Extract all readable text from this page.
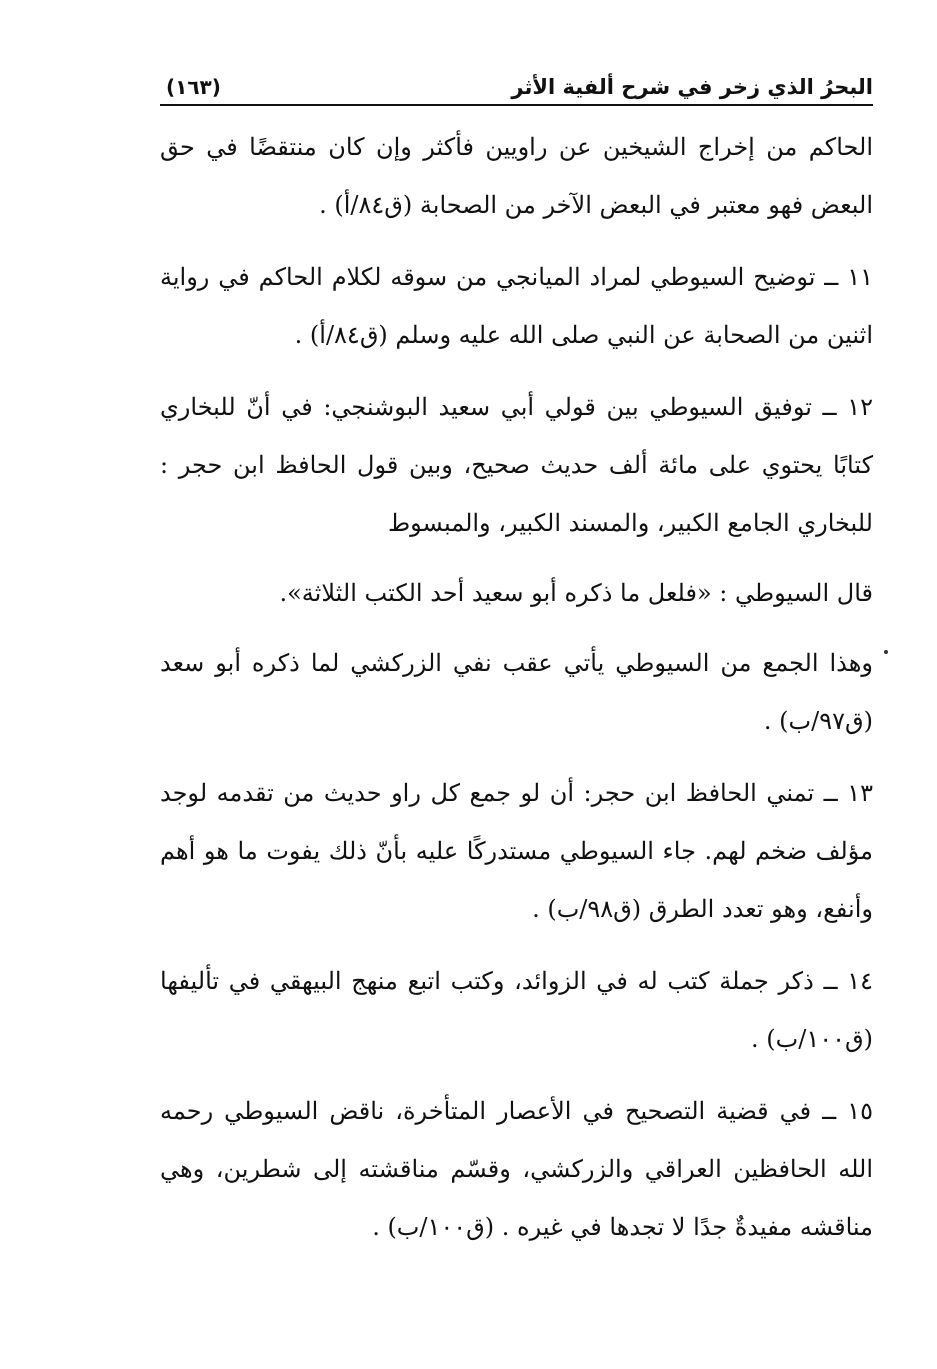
البحرُ الذي زخر في شرح ألفية الأثر
(١٦٣)

الحاكم من إخراج الشيخين عن راويين فأكثر وإن كان منتقضًا في حق البعض فهو معتبر في البعض الآخر من الصحابة (ق٨٤/أ) .

١١ ــ توضيح السيوطي لمراد الميانجي من سوقه لكلام الحاكم في رواية اثنين من الصحابة عن النبي صلى الله عليه وسلم (ق٨٤/أ) .

١٢ ــ توفيق السيوطي بين قولي أبي سعيد البوشنجي: في أنّ للبخاري كتابًا يحتوي على مائة ألف حديث صحيح، وبين قول الحافظ ابن حجر : للبخاري الجامع الكبير، والمسند الكبير، والمبسوط

قال السيوطي : «فلعل ما ذكره أبو سعيد أحد الكتب الثلاثة».

وهذا الجمع من السيوطي يأتي عقب نفي الزركشي لما ذكره أبو سعد (ق٩٧/ب) .

١٣ ــ تمني الحافظ ابن حجر: أن لو جمع كل راو حديث من تقدمه لوجد مؤلف ضخم لهم. جاء السيوطي مستدركًا عليه بأنّ ذلك يفوت ما هو أهم وأنفع، وهو تعدد الطرق (ق٩٨/ب) .

١٤ ــ ذكر جملة كتب له في الزوائد، وكتب اتبع منهج البيهقي في تأليفها (ق١٠٠/ب) .

١٥ ــ في قضية التصحيح في الأعصار المتأخرة، ناقض السيوطي رحمه الله الحافظين العراقي والزركشي، وقسّم مناقشته إلى شطرين، وهي مناقشه مفيدةٌ جدًا لا تجدها في غيره . (ق١٠٠/ب) .
